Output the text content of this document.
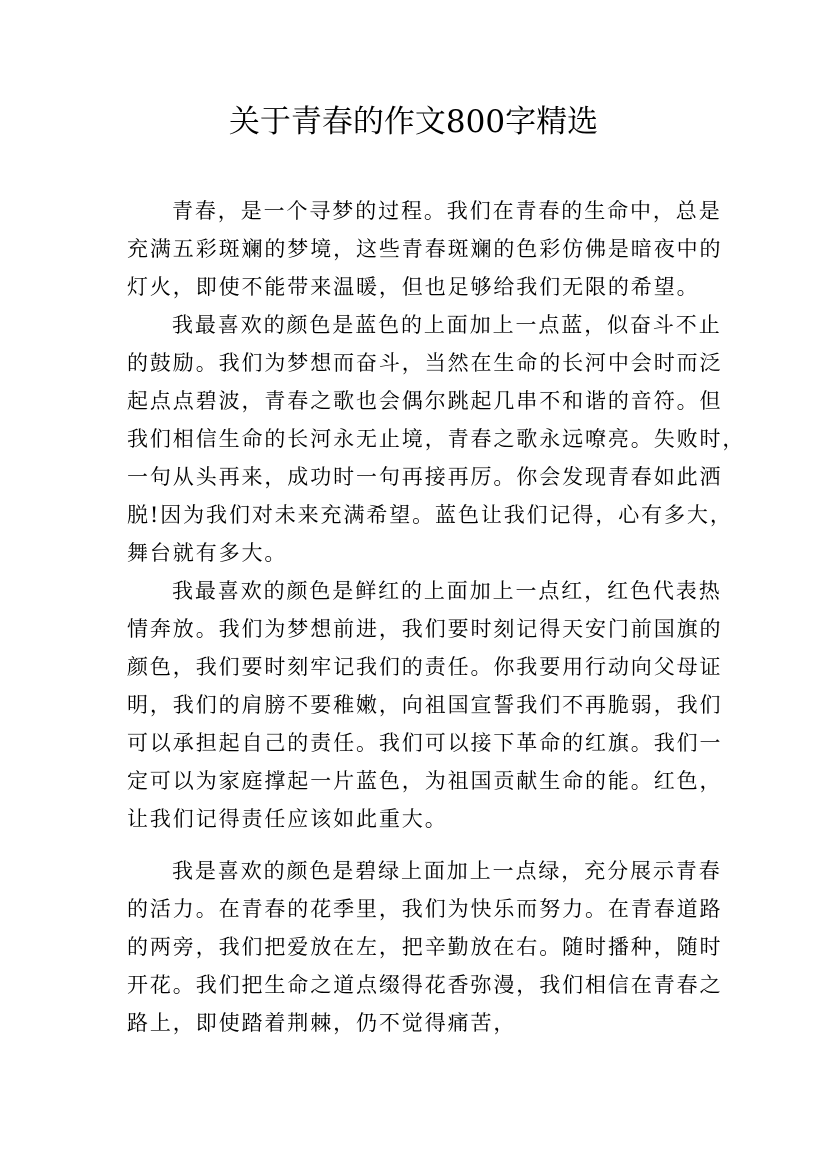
关于青春的作文800字精选
青春，是一个寻梦的过程。我们在青春的生命中，总是
充满五彩斑斓的梦境，这些青春斑斓的色彩仿佛是暗夜中的
灯火，即使不能带来温暖，但也足够给我们无限的希望。
我最喜欢的颜色是蓝色的上面加上一点蓝，似奋斗不止
的鼓励。我们为梦想而奋斗，当然在生命的长河中会时而泛
起点点碧波，青春之歌也会偶尔跳起几串不和谐的音符。但
我们相信生命的长河永无止境，青春之歌永远嘹亮。失败时，
一句从头再来，成功时一句再接再厉。你会发现青春如此洒
脱!因为我们对未来充满希望。蓝色让我们记得，心有多大，
舞台就有多大。
我最喜欢的颜色是鲜红的上面加上一点红，红色代表热
情奔放。我们为梦想前进，我们要时刻记得天安门前国旗的
颜色，我们要时刻牢记我们的责任。你我要用行动向父母证
明，我们的肩膀不要稚嫩，向祖国宣誓我们不再脆弱，我们
可以承担起自己的责任。我们可以接下革命的红旗。我们一
定可以为家庭撑起一片蓝色，为祖国贡献生命的能。红色，
让我们记得责任应该如此重大。
我是喜欢的颜色是碧绿上面加上一点绿，充分展示青春
的活力。在青春的花季里，我们为快乐而努力。在青春道路
的两旁，我们把爱放在左，把辛勤放在右。随时播种，随时
开花。我们把生命之道点缀得花香弥漫，我们相信在青春之
路上，即使踏着荆棘，仍不觉得痛苦，
